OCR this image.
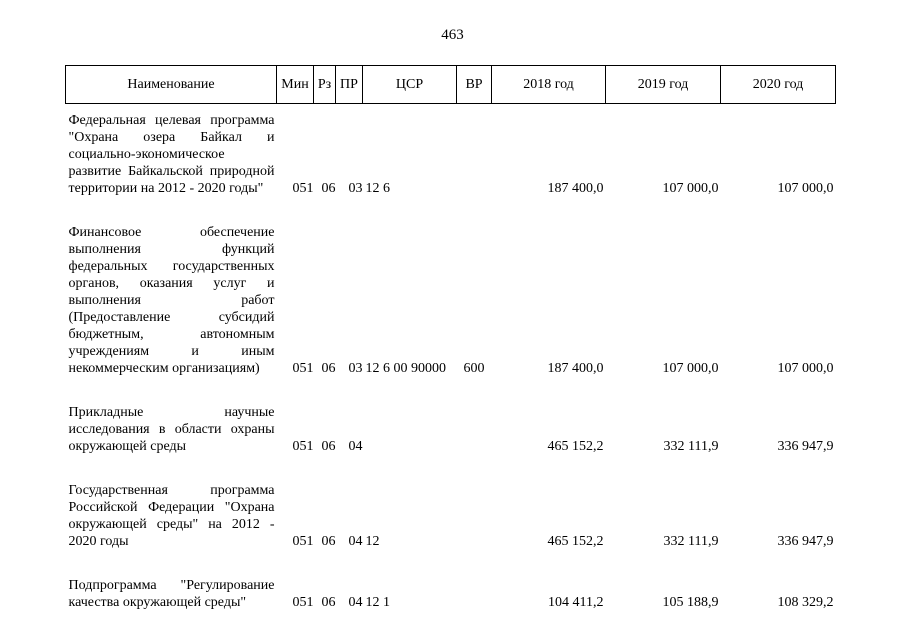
463
Наименование	Мин	Рз	ПР	ЦСР	ВР	2018 год	2019 год	2020 год
Федеральная целевая программа "Охрана озера Байкал и социально-экономическое развитие Байкальской природной территории на 2012 - 2020 годы"	051	06	03	12 6		187 400,0	107 000,0	107 000,0
Финансовое обеспечение выполнения функций федеральных государственных органов, оказания услуг и выполнения работ (Предоставление субсидий бюджетным, автономным учреждениям и иным некоммерческим организациям)	051	06	03	12 6 00 90000	600	187 400,0	107 000,0	107 000,0
Прикладные научные исследования в области охраны окружающей среды	051	06	04			465 152,2	332 111,9	336 947,9
Государственная программа Российской Федерации "Охрана окружающей среды" на 2012 - 2020 годы	051	06	04	12		465 152,2	332 111,9	336 947,9
Подпрограмма "Регулирование качества окружающей среды"	051	06	04	12 1		104 411,2	105 188,9	108 329,2
